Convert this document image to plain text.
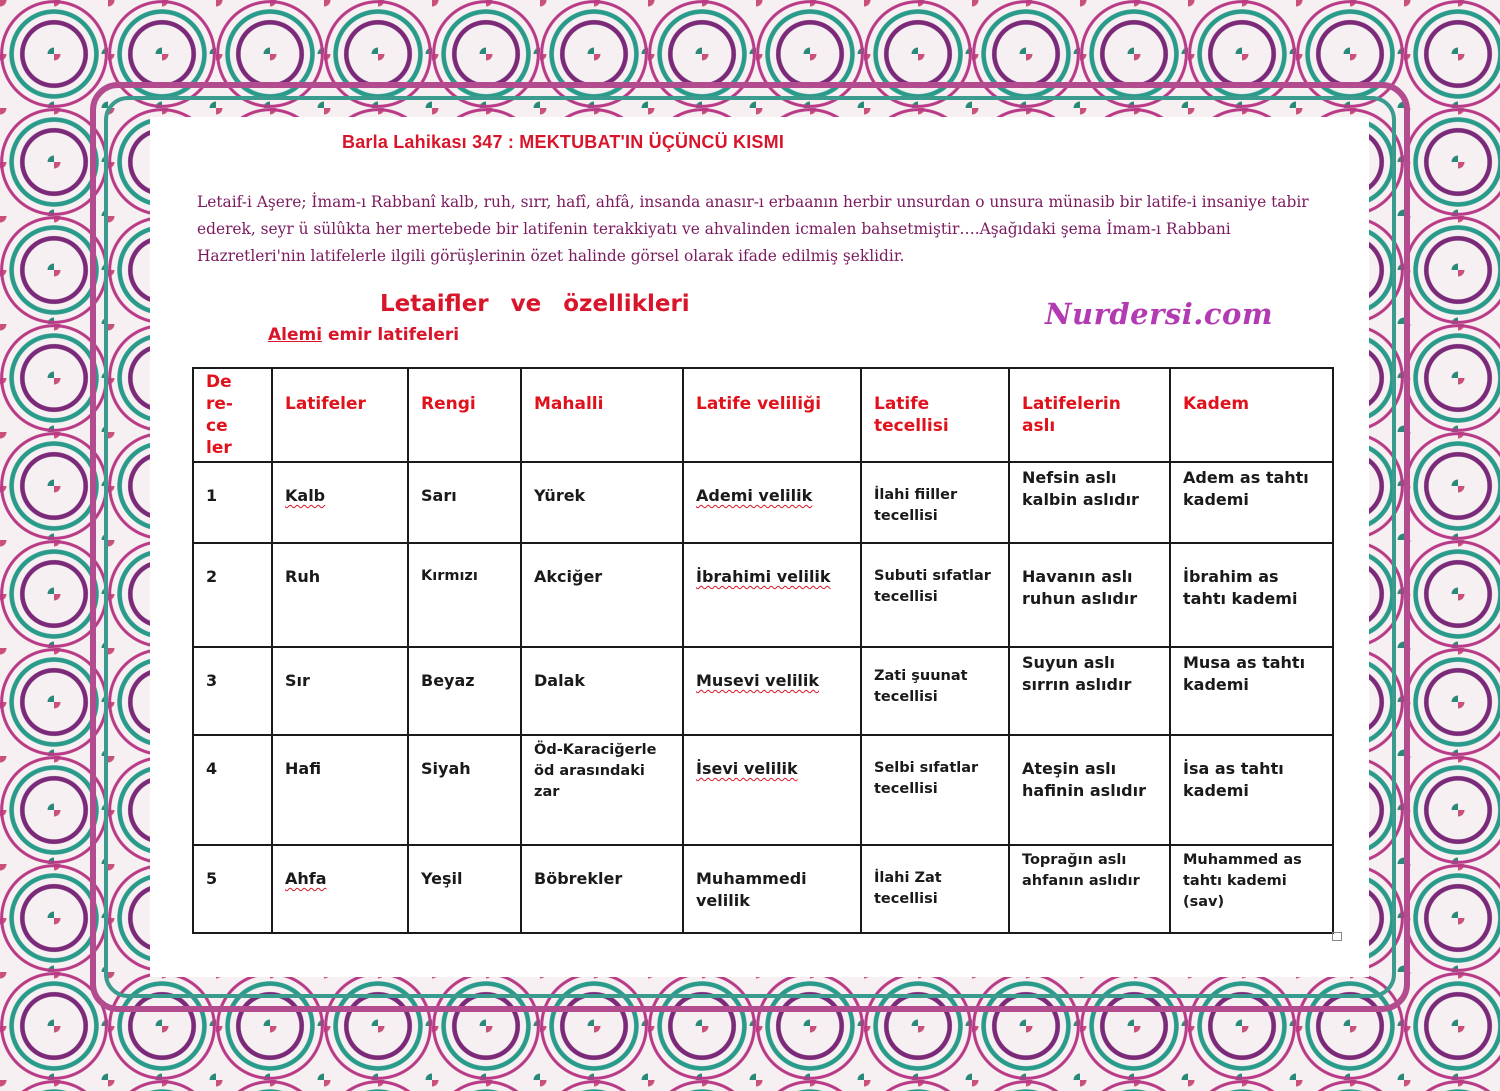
Barla Lahikası 347 : MEKTUBAT'IN ÜÇÜNCÜ KISMI
Letaif-i Aşere; İmam-ı Rabbanî kalb, ruh, sırr, hafî, ahfâ, insanda anasır-ı erbaanın herbir unsurdan o unsura münasib bir latife-i insaniye tabir ederek, seyr ü sülûkta her mertebede bir latifenin terakkiyatı ve ahvalinden icmalen bahsetmiştir….Aşağıdaki şema İmam-ı Rabbani Hazretleri'nin latifelerle ilgili görüşlerinin özet halinde görsel olarak ifade edilmiş şeklidir.
Letaifler ve özellikleri
Alemi emir latifeleri
Nurdersi.com
De re- ce ler	Latifeler	Rengi	Mahalli	Latife veliliği	Latife tecellisi	Latifelerin aslı	Kadem
1	Kalb	Sarı	Yürek	Ademi velilik	İlahi fiiller tecellisi	Nefsin aslı kalbin aslıdır	Adem as tahtı kademi
2	Ruh	Kırmızı	Akciğer	İbrahimi velilik	Subuti sıfatlar tecellisi	Havanın aslı ruhun aslıdır	İbrahim as tahtı kademi
3	Sır	Beyaz	Dalak	Musevi velilik	Zati şuunat tecellisi	Suyun aslı sırrın aslıdır	Musa as tahtı kademi
4	Hafi	Siyah	Öd-Karaciğerle öd arasındaki zar	İsevi velilik	Selbi sıfatlar tecellisi	Ateşin aslı hafinin aslıdır	İsa as tahtı kademi
5	Ahfa	Yeşil	Böbrekler	Muhammedi velilik	İlahi Zat tecellisi	Toprağın aslı ahfanın aslıdır	Muhammed as tahtı kademi (sav)
